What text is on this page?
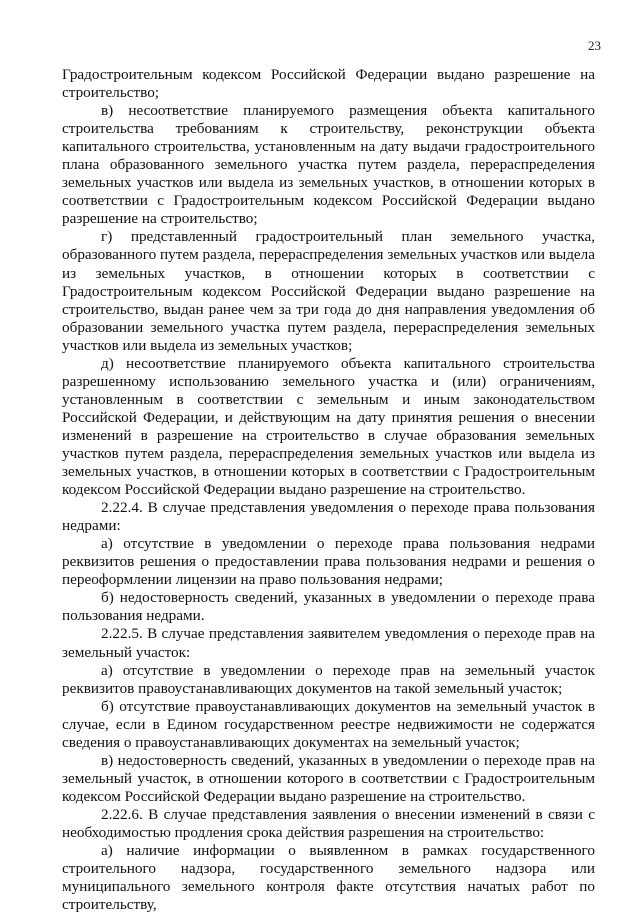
23

Градостроительным кодексом Российской Федерации выдано разрешение на строительство;

в) несоответствие планируемого размещения объекта капитального строительства требованиям к строительству, реконструкции объекта капитального строительства, установленным на дату выдачи градостроительного плана образованного земельного участка путем раздела, перераспределения земельных участков или выдела из земельных участков, в отношении которых в соответствии с Градостроительным кодексом Российской Федерации выдано разрешение на строительство;

г) представленный градостроительный план земельного участка, образованного путем раздела, перераспределения земельных участков или выдела из земельных участков, в отношении которых в соответствии с Градостроительным кодексом Российской Федерации выдано разрешение на строительство, выдан ранее чем за три года до дня направления уведомления об образовании земельного участка путем раздела, перераспределения земельных участков или выдела из земельных участков;

д) несоответствие планируемого объекта капитального строительства разрешенному использованию земельного участка и (или) ограничениям, установленным в соответствии с земельным и иным законодательством Российской Федерации, и действующим на дату принятия решения о внесении изменений в разрешение на строительство в случае образования земельных участков путем раздела, перераспределения земельных участков или выдела из земельных участков, в отношении которых в соответствии с Градостроительным кодексом Российской Федерации выдано разрешение на строительство.

2.22.4. В случае представления уведомления о переходе права пользования недрами:

а) отсутствие в уведомлении о переходе права пользования недрами реквизитов решения о предоставлении права пользования недрами и решения о переоформлении лицензии на право пользования недрами;

б) недостоверность сведений, указанных в уведомлении о переходе права пользования недрами.

2.22.5. В случае представления заявителем уведомления о переходе прав на земельный участок:

а) отсутствие в уведомлении о переходе прав на земельный участок реквизитов правоустанавливающих документов на такой земельный участок;

б) отсутствие правоустанавливающих документов на земельный участок в случае, если в Едином государственном реестре недвижимости не содержатся сведения о правоустанавливающих документах на земельный участок;

в) недостоверность сведений, указанных в уведомлении о переходе прав на земельный участок, в отношении которого в соответствии с Градостроительным кодексом Российской Федерации выдано разрешение на строительство.

2.22.6. В случае представления заявления о внесении изменений в связи с необходимостью продления срока действия разрешения на строительство:

а) наличие информации о выявленном в рамках государственного строительного надзора, государственного земельного надзора или муниципального земельного контроля факте отсутствия начатых работ по строительству,
